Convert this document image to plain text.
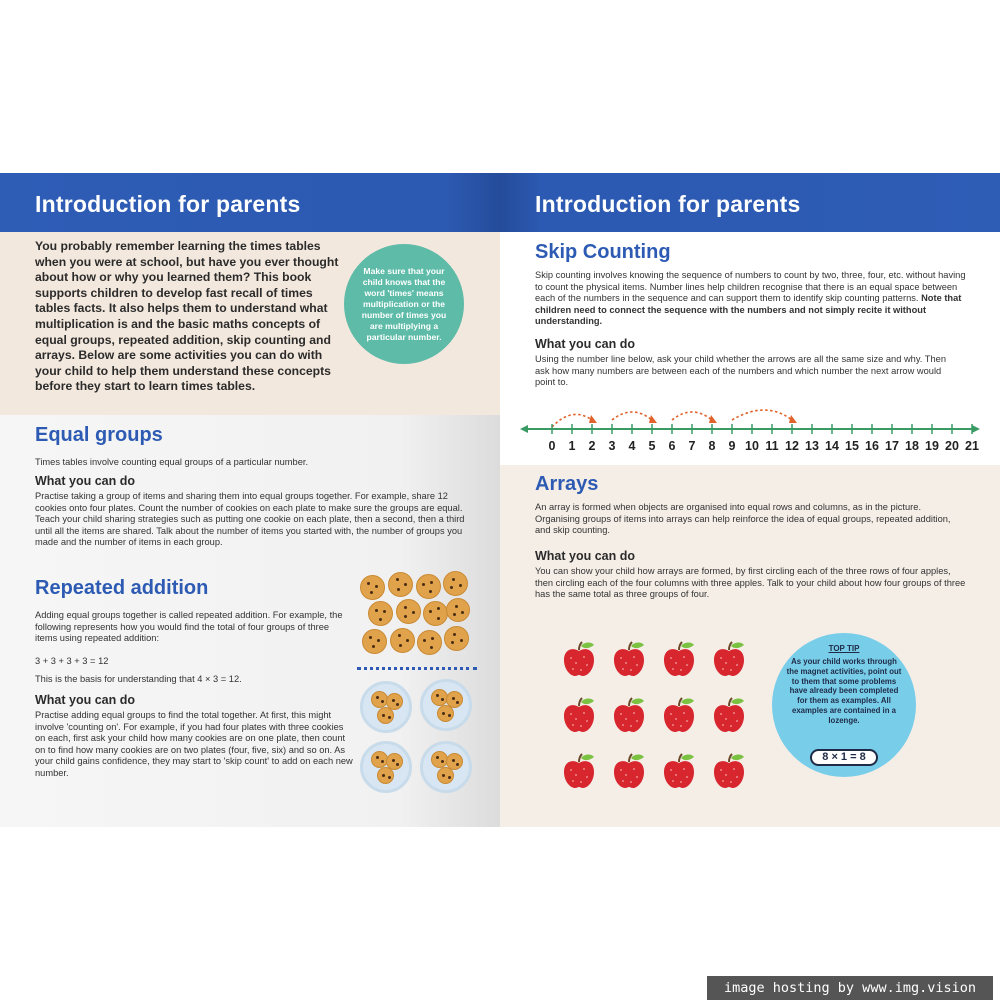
Introduction for parents
You probably remember learning the times tables when you were at school, but have you ever thought about how or why you learned them? This book supports children to develop fast recall of times tables facts. It also helps them to understand what multiplication is and the basic maths concepts of equal groups, repeated addition, skip counting and arrays. Below are some activities you can do with your child to help them understand these concepts before they start to learn times tables.
Make sure that your child knows that the word 'times' means multiplication or the number of times you are multiplying a particular number.
Equal groups
Times tables involve counting equal groups of a particular number.
What you can do
Practise taking a group of items and sharing them into equal groups together. For example, share 12 cookies onto four plates. Count the number of cookies on each plate to make sure the groups are equal. Teach your child sharing strategies such as putting one cookie on each plate, then a second, then a third until all the items are shared. Talk about the number of items you started with, the number of groups you made and the number of items in each group.
Repeated addition
Adding equal groups together is called repeated addition. For example, the following represents how you would find the total of four groups of three items using repeated addition:
3 + 3 + 3 + 3 = 12
This is the basis for understanding that 4 × 3 = 12.
What you can do
Practise adding equal groups to find the total together. At first, this might involve 'counting on'. For example, if you had four plates with three cookies on each, first ask your child how many cookies are on one plate, then count on to find how many cookies are on two plates (four, five, six) and so on. As your child gains confidence, they may start to 'skip count' to add on each new number.
Introduction for parents
Skip Counting
Skip counting involves knowing the sequence of numbers to count by two, three, four, etc. without having to count the physical items. Number lines help children recognise that there is an equal space between each of the numbers in the sequence and can support them to identify skip counting patterns. Note that children need to connect the sequence with the numbers and not simply recite it without understanding.
What you can do
Using the number line below, ask your child whether the arrows are all the same size and why. Then ask how many numbers are between each of the numbers and which number the next arrow would point to.
0 1 2 3 4 5 6 7 8 9 10 11 12 13 14 15 16 17 18 19 20 21
Arrays
An array is formed when objects are organised into equal rows and columns, as in the picture. Organising groups of items into arrays can help reinforce the idea of equal groups, repeated addition, and skip counting.
What you can do
You can show your child how arrays are formed, by first circling each of the three rows of four apples, then circling each of the four columns with three apples. Talk to your child about how four groups of three has the same total as three groups of four.
TOP TIP
As your child works through the magnet activities, point out to them that some problems have already been completed for them as examples. All examples are contained in a lozenge.
8 × 1 = 8
image hosting by www.img.vision
